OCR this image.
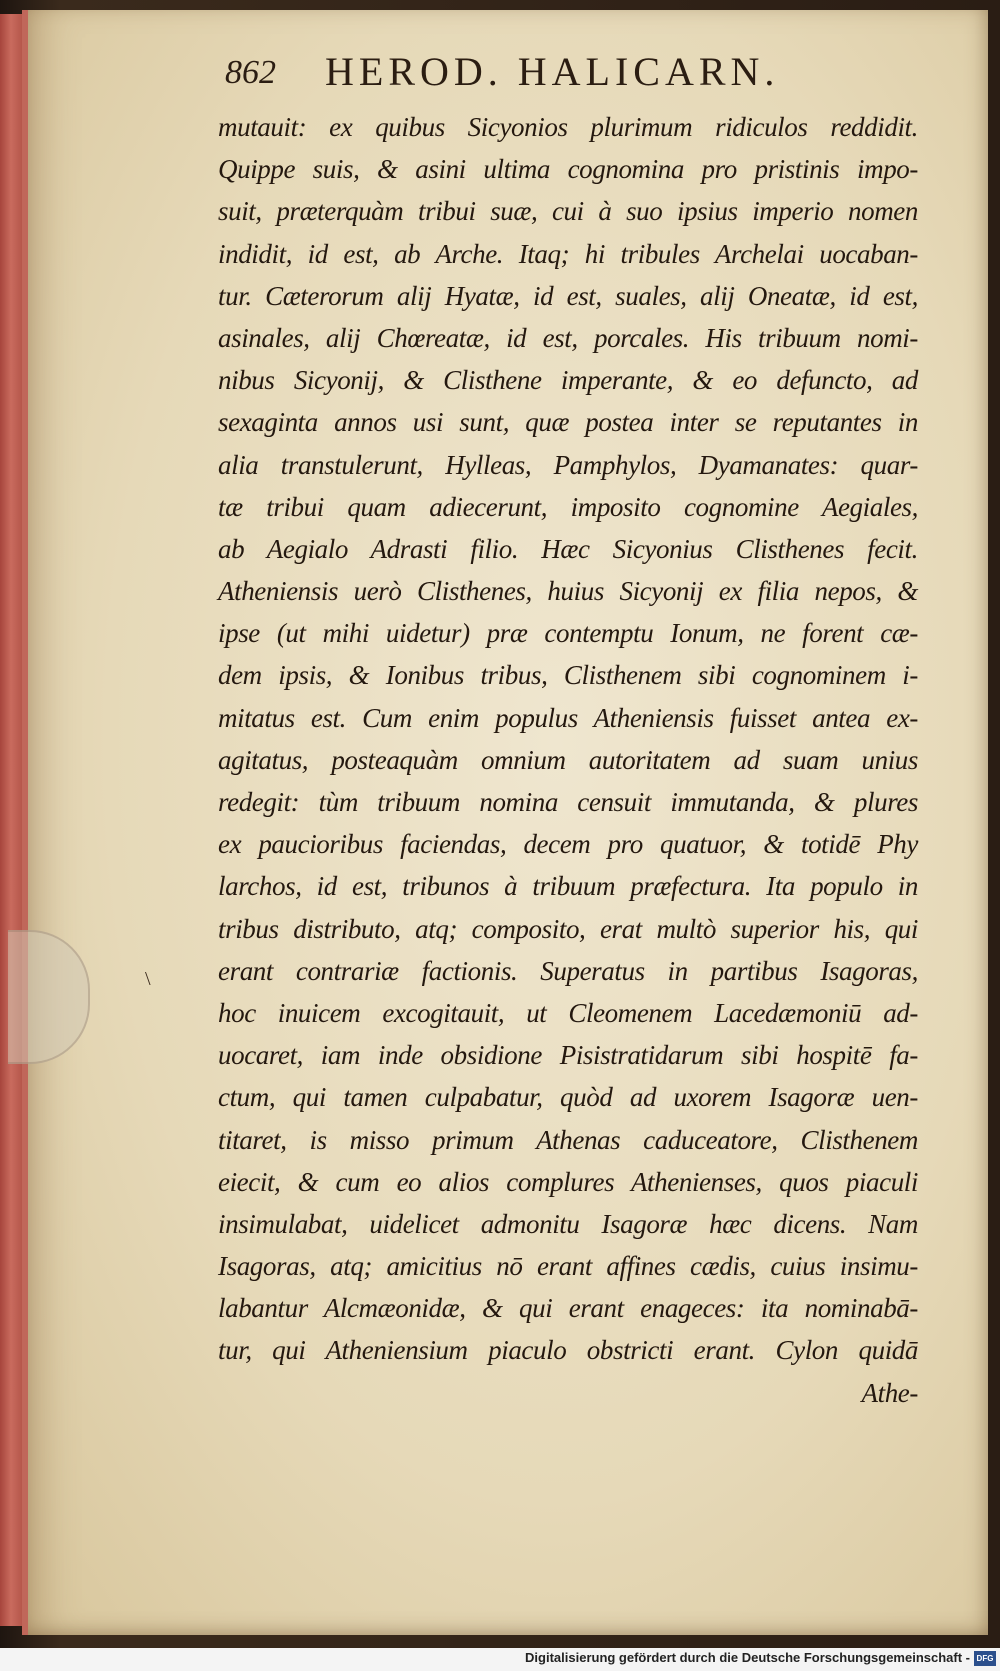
862 HEROD. HALICARN.
\
mutauit: ex quibus Sicyonios plurimum ridiculos reddidit.
Quippe suis, & asini ultima cognomina pro pristinis impo-
suit, præterquàm tribui suæ, cui à suo ipsius imperio nomen
indidit, id est, ab Arche. Itaq; hi tribules Archelai uocaban-
tur. Cæterorum alij Hyatæ, id est, suales, alij Oneatæ, id est,
asinales, alij Chœreatæ, id est, porcales. His tribuum nomi-
nibus Sicyonij, & Clisthene imperante, & eo defuncto, ad
sexaginta annos usi sunt, quæ postea inter se reputantes in
alia transtulerunt, Hylleas, Pamphylos, Dyamanates: quar-
tæ tribui quam adiecerunt, imposito cognomine Aegiales,
ab Aegialo Adrasti filio. Hæc Sicyonius Clisthenes fecit.
Atheniensis uerò Clisthenes, huius Sicyonij ex filia nepos, &
ipse (ut mihi uidetur) præ contemptu Ionum, ne forent cæ-
dem ipsis, & Ionibus tribus, Clisthenem sibi cognominem i-
mitatus est. Cum enim populus Atheniensis fuisset antea ex-
agitatus, posteaquàm omnium autoritatem ad suam unius
redegit: tùm tribuum nomina censuit immutanda, & plures
ex paucioribus faciendas, decem pro quatuor, & totidē Phy
larchos, id est, tribunos à tribuum præfectura. Ita populo in
tribus distributo, atq; composito, erat multò superior his, qui
erant contrariæ factionis. Superatus in partibus Isagoras,
hoc inuicem excogitauit, ut Cleomenem Lacedæmoniū ad-
uocaret, iam inde obsidione Pisistratidarum sibi hospitē fa-
ctum, qui tamen culpabatur, quòd ad uxorem Isagoræ uen-
titaret, is misso primum Athenas caduceatore, Clisthenem
eiecit, & cum eo alios complures Athenienses, quos piaculi
insimulabat, uidelicet admonitu Isagoræ hæc dicens. Nam
Isagoras, atq; amicitius nō erant affines cædis, cuius insimu-
labantur Alcmæonidæ, & qui erant enageces: ita nominabā-
tur, qui Atheniensium piaculo obstricti erant. Cylon quidā
Athe-
Digitalisierung gefördert durch die Deutsche Forschungsgemeinschaft - DFG
